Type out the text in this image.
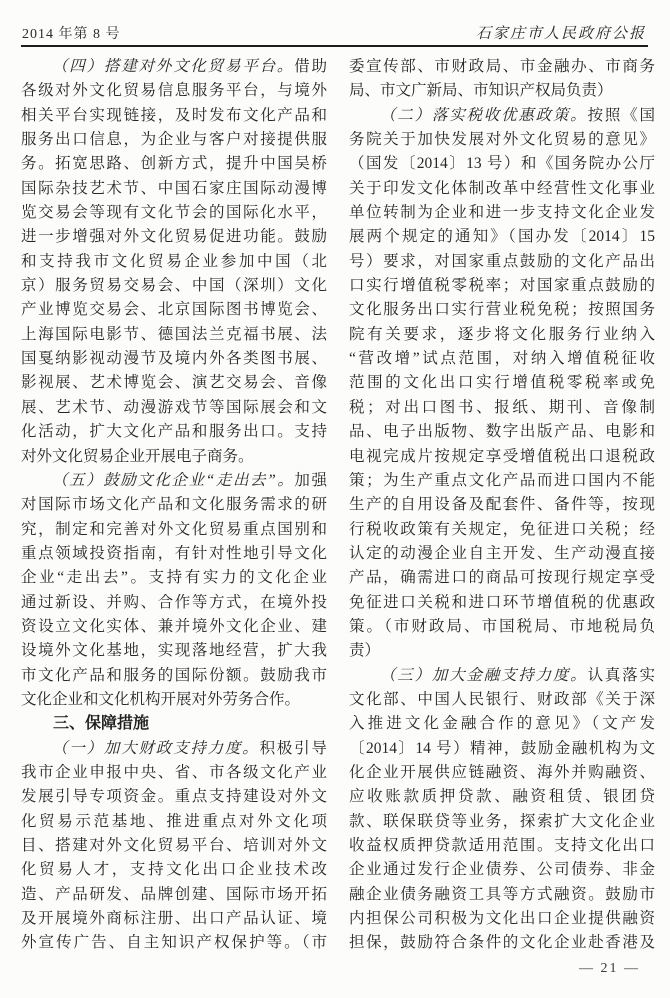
2014 年第 8 号	石家庄市人民政府公报
（四）搭建对外文化贸易平台。借助
各级对外文化贸易信息服务平台，与境外
相关平台实现链接，及时发布文化产品和
服务出口信息，为企业与客户对接提供服
务。拓宽思路、创新方式，提升中国吴桥
国际杂技艺术节、中国石家庄国际动漫博
览交易会等现有文化节会的国际化水平，
进一步增强对外文化贸易促进功能。鼓励
和支持我市文化贸易企业参加中国（北
京）服务贸易交易会、中国（深圳）文化
产业博览交易会、北京国际图书博览会、
上海国际电影节、德国法兰克福书展、法
国戛纳影视动漫节及境内外各类图书展、
影视展、艺术博览会、演艺交易会、音像
展、艺术节、动漫游戏节等国际展会和文
化活动，扩大文化产品和服务出口。支持
对外文化贸易企业开展电子商务。
（五）鼓励文化企业“走出去”。加强
对国际市场文化产品和文化服务需求的研
究，制定和完善对外文化贸易重点国别和
重点领域投资指南，有针对性地引导文化
企业“走出去”。支持有实力的文化企业
通过新设、并购、合作等方式，在境外投
资设立文化实体、兼并境外文化企业、建
设境外文化基地，实现落地经营，扩大我
市文化产品和服务的国际份额。鼓励我市
文化企业和文化机构开展对外劳务合作。
三、保障措施
（一）加大财政支持力度。积极引导
我市企业申报中央、省、市各级文化产业
发展引导专项资金。重点支持建设对外文
化贸易示范基地、推进重点对外文化项
目、搭建对外文化贸易平台、培训对外文
化贸易人才，支持文化出口企业技术改
造、产品研发、品牌创建、国际市场开拓
及开展境外商标注册、出口产品认证、境
外宣传广告、自主知识产权保护等。（市
委宣传部、市财政局、市金融办、市商务
局、市文广新局、市知识产权局负责）
（二）落实税收优惠政策。按照《国
务院关于加快发展对外文化贸易的意见》
（国发〔2014〕13 号）和《国务院办公厅
关于印发文化体制改革中经营性文化事业
单位转制为企业和进一步支持文化企业发
展两个规定的通知》（国办发〔2014〕15
号）要求，对国家重点鼓励的文化产品出
口实行增值税零税率；对国家重点鼓励的
文化服务出口实行营业税免税；按照国务
院有关要求，逐步将文化服务行业纳入
“营改增”试点范围，对纳入增值税征收
范围的文化出口实行增值税零税率或免
税；对出口图书、报纸、期刊、音像制
品、电子出版物、数字出版产品、电影和
电视完成片按规定享受增值税出口退税政
策；为生产重点文化产品而进口国内不能
生产的自用设备及配套件、备件等，按现
行税收政策有关规定，免征进口关税；经
认定的动漫企业自主开发、生产动漫直接
产品，确需进口的商品可按现行规定享受
免征进口关税和进口环节增值税的优惠政
策。（市财政局、市国税局、市地税局负
责）
（三）加大金融支持力度。认真落实
文化部、中国人民银行、财政部《关于深
入推进文化金融合作的意见》（文产发
〔2014〕14 号）精神，鼓励金融机构为文
化企业开展供应链融资、海外并购融资、
应收账款质押贷款、融资租赁、银团贷
款、联保联贷等业务，探索扩大文化企业
收益权质押贷款适用范围。支持文化出口
企业通过发行企业债券、公司债券、非金
融企业债务融资工具等方式融资。鼓励市
内担保公司积极为文化出口企业提供融资
担保，鼓励符合条件的文化企业赴香港及
— 21 —
